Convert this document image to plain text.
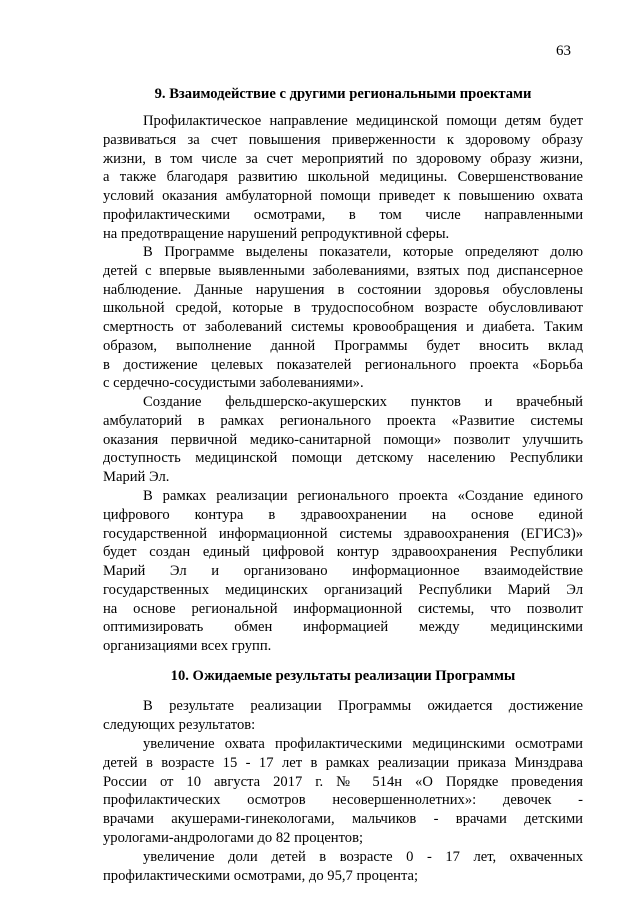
63
9. Взаимодействие с другими региональными проектами
Профилактическое направление медицинской помощи детям будет
развиваться за счет повышения приверженности к здоровому образу
жизни, в том числе за счет мероприятий по здоровому образу жизни,
а также благодаря развитию школьной медицины. Совершенствование
условий оказания амбулаторной помощи приведет к повышению охвата
профилактическими осмотрами, в том числе направленными
на предотвращение нарушений репродуктивной сферы.
В Программе выделены показатели, которые определяют долю
детей с впервые выявленными заболеваниями, взятых под диспансерное
наблюдение. Данные нарушения в состоянии здоровья обусловлены
школьной средой, которые в трудоспособном возрасте обусловливают
смертность от заболеваний системы кровообращения и диабета. Таким
образом, выполнение данной Программы будет вносить вклад
в достижение целевых показателей регионального проекта «Борьба
с сердечно-сосудистыми заболеваниями».
Создание фельдшерско-акушерских пунктов и врачебный
амбулаторий в рамках регионального проекта «Развитие системы
оказания первичной медико-санитарной помощи» позволит улучшить
доступность медицинской помощи детскому населению Республики
Марий Эл.
В рамках реализации регионального проекта «Создание единого
цифрового контура в здравоохранении на основе единой
государственной информационной системы здравоохранения (ЕГИСЗ)»
будет создан единый цифровой контур здравоохранения Республики
Марий Эл и организовано информационное взаимодействие
государственных медицинских организаций Республики Марий Эл
на основе региональной информационной системы, что позволит
оптимизировать обмен информацией между медицинскими
организациями всех групп.
10. Ожидаемые результаты реализации Программы
В результате реализации Программы ожидается достижение
следующих результатов:
увеличение охвата профилактическими медицинскими осмотрами
детей в возрасте 15 - 17 лет в рамках реализации приказа Минздрава
России от 10 августа 2017 г. № 514н «О Порядке проведения
профилактических осмотров несовершеннолетних»: девочек -
врачами акушерами-гинекологами, мальчиков - врачами детскими
урологами-андрологами до 82 процентов;
увеличение доли детей в возрасте 0 - 17 лет, охваченных
профилактическими осмотрами, до 95,7 процента;
